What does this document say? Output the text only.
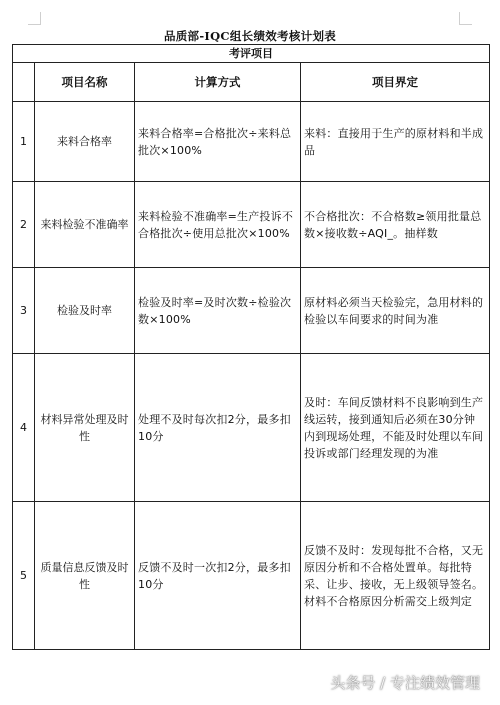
品质部-IQC组长绩效考核计划表
考评项目			
	项目名称	计算方式	项目界定
1	来料合格率	来料合格率=合格批次÷来料总批次×100%	来料：直接用于生产的原材料和半成品
2	来料检验不准确率	来料检验不准确率=生产投诉不合格批次÷使用总批次×100%	不合格批次：不合格数≥领用批量总数×接收数÷AQI_。抽样数
3	检验及时率	检验及时率=及时次数÷检验次数×100%	原材料必须当天检验完，急用材料的检验以车间要求的时间为准
4	材料异常处理及时性	处理不及时每次扣2分，最多扣10分	及时：车间反馈材料不良影响到生产线运转，接到通知后必须在30分钟内到现场处理，不能及时处理以车间投诉或部门经理发现的为准
5	质量信息反馈及时性	反馈不及时一次扣2分，最多扣10分	反馈不及时：发现每批不合格，又无原因分析和不合格处置单。每批特采、让步、接收，无上级领导签名。材料不合格原因分析需交上级判定
头条号 / 专注绩效管理
